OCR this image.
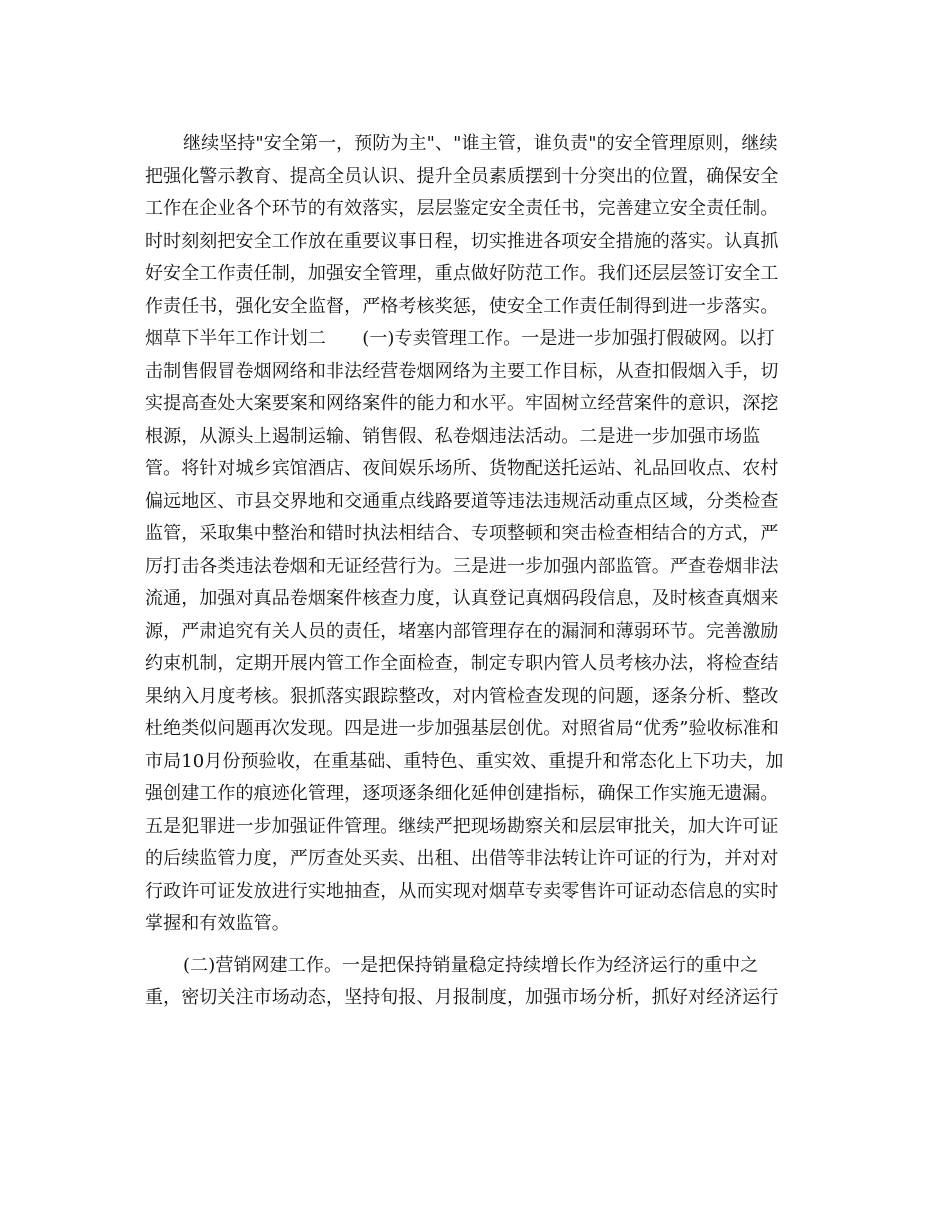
继续坚持"安全第一，预防为主"、"谁主管，谁负责"的安全管理原则，继续
把强化警示教育、提高全员认识、提升全员素质摆到十分突出的位置，确保安全
工作在企业各个环节的有效落实，层层鉴定安全责任书，完善建立安全责任制。
时时刻刻把安全工作放在重要议事日程，切实推进各项安全措施的落实。认真抓
好安全工作责任制，加强安全管理，重点做好防范工作。我们还层层签订安全工
作责任书，强化安全监督，严格考核奖惩，使安全工作责任制得到进一步落实。
烟草下半年工作计划二　　(一)专卖管理工作。一是进一步加强打假破网。以打
击制售假冒卷烟网络和非法经营卷烟网络为主要工作目标，从查扣假烟入手，切
实提高查处大案要案和网络案件的能力和水平。牢固树立经营案件的意识，深挖
根源，从源头上遏制运输、销售假、私卷烟违法活动。二是进一步加强市场监
管。将针对城乡宾馆酒店、夜间娱乐场所、货物配送托运站、礼品回收点、农村
偏远地区、市县交界地和交通重点线路要道等违法违规活动重点区域，分类检查
监管，采取集中整治和错时执法相结合、专项整顿和突击检查相结合的方式，严
厉打击各类违法卷烟和无证经营行为。三是进一步加强内部监管。严查卷烟非法
流通，加强对真品卷烟案件核查力度，认真登记真烟码段信息，及时核查真烟来
源，严肃追究有关人员的责任，堵塞内部管理存在的漏洞和薄弱环节。完善激励
约束机制，定期开展内管工作全面检查，制定专职内管人员考核办法，将检查结
果纳入月度考核。狠抓落实跟踪整改，对内管检查发现的问题，逐条分析、整改
杜绝类似问题再次发现。四是进一步加强基层创优。对照省局“优秀”验收标准和
市局10月份预验收，在重基础、重特色、重实效、重提升和常态化上下功夫，加
强创建工作的痕迹化管理，逐项逐条细化延伸创建指标，确保工作实施无遗漏。
五是犯罪进一步加强证件管理。继续严把现场勘察关和层层审批关，加大许可证
的后续监管力度，严厉查处买卖、出租、出借等非法转让许可证的行为，并对对
行政许可证发放进行实地抽查，从而实现对烟草专卖零售许可证动态信息的实时
掌握和有效监管。
(二)营销网建工作。一是把保持销量稳定持续增长作为经济运行的重中之
重，密切关注市场动态，坚持旬报、月报制度，加强市场分析，抓好对经济运行
